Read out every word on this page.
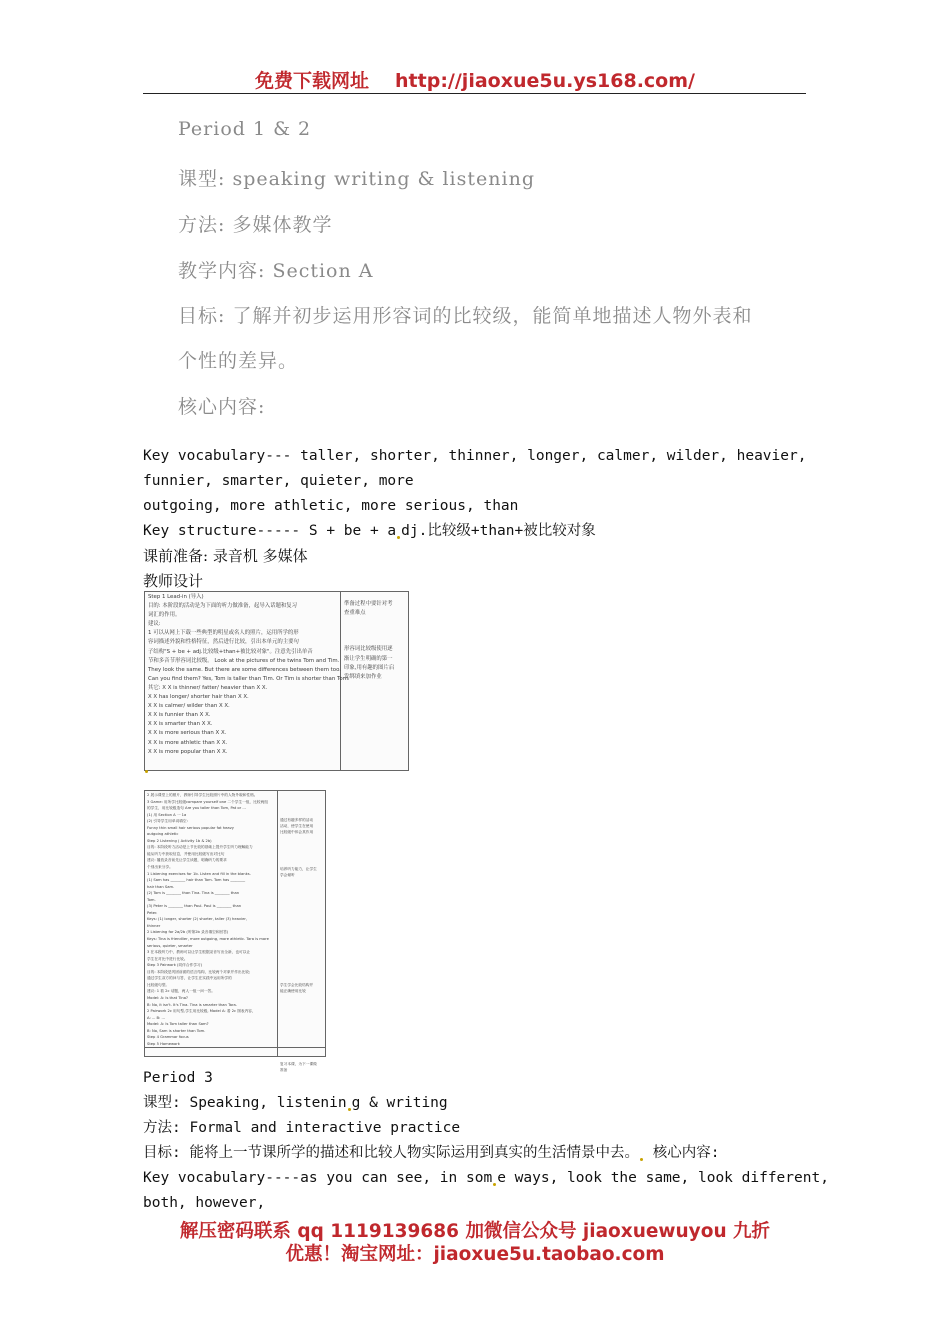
免费下载网址 http://jiaoxue5u.ys168.com/
Period 1 & 2
课型: speaking writing & listening
方法: 多媒体教学
教学内容: Section A
目标: 了解并初步运用形容词的比较级，能简单地描述人物外表和
个性的差异。
核心内容:
Key vocabulary--- taller, shorter, thinner, longer, calmer, wilder, heavier,
funnier, smarter, quieter, more
outgoing, more athletic, more serious, than
Key structure----- S + be + a dj.比较级+than+被比较对象
课前准备: 录音机 多媒体
教师设计
Step 1 Lead-in (导入)
目的: 本阶段的活动是为下面的听力做准备，起导入话题和复习
词汇的作用。
建议:
1 可以从网上下载一些典型的明星或名人的照片，运用所学的形
容词描述外貌和性格特征，然后进行比较，引出本单元的主要句
子结构"S + be + adj.比较级+than+被比较对象"。注意先引出单音
节和多音节形容词比较级。 Look at the pictures of the twins Tom and Tim.
They look the same. But there are some differences between them too.
Can you find them? Yes, Tom is taller than Tim. Or Tim is shorter than Tom.
其它: X X is thinner/ fatter/ heavier than X X.
X X has longer/ shorter hair than X X.
X X is calmer/ wilder than X X.
X X is funnier than X X.
X X is smarter than X X.
X X is more serious than X X.
X X is more athletic than X X.
X X is more popular than X X.
準备过程中要针对考
查重难点

形容词比较级使用逐
渐让学生明确的第一
印象,用有趣的图片启
发绑填来加作业
2 展示课堂上的照片，教师引导学生比较照片中的人物外貌和性格。
3 Game: 用所学比较级compare yourself one 二个学生一组，比较两组
的学生，用比较级造句 Are you taller than Tom, Pat or ...
(1) 用 Section A 一 1a
(2) 引导学生用单词填空:
Funny thin small hair serious popular fat heavy
outgoing athletic
Step 2 Listening ( Activity 1b & 2b)
目的: 本阶段听力活动是上节比较的基础上提升学生听力理解能力
能从听力中获取信息，并使用比较级写出对比句
建议: 播放录音前先让学生读题，明确听力的要求
个别出来分享。
1 Listening exercises for 1b. Listen and fill in the blanks.
(1) Sam has ________ hair than Tom. Tom has ________
hair than Sam.
(2) Tom is ________ than Tina. Tina is ________ than
Tom.
(3) Peter is ________ than Paul. Paul is ________ than
Peter.
Keys: (1) longer, shorter (2) shorter, taller (3) heavier,
thinner
2 Listening for 2a/2b (听第2b 录音填空和回答)
Keys: Tina is friendlier, more outgoing, more athletic. Tara is more
serious, quieter, smarter
3 在本段听力中，教师可以让学生根据录音写出全新，也可以让
学生在对比中进行比较。
Step 3 Pairwork (同伴合作学习)
目的: 本阶段是巩固前面的语言结构，比较两个对象并作出比较;
通过学生双方的问与答，让学生在实践中运用所学的
比较级句型。
建议: 1 看 2c 话题，两人一组一问一答。
Model: A: Is that Tina?
B: No, it isn't. It's Tina. Tina is smarter than Tara.
2 Pairwork 2c 用句型,学生用比较级, Model A: 看 2c 图表内容，
A: ... B: ...
Model: A: Is Tom taller than Sam?
B: No, Sam is shorter than Tom.
Step 4 Grammar focus
Step 5 Homework
通过有趣多样的活动
活动，使学生在使用
比较级中体会其作用

培养听力能力，让学生
学会倾听

学生学会比较结构并
能正确使用比较

复习本课，为下一课做
准备
Period 3
课型: Speaking, listenin g & writing
方法: Formal and interactive practice
目标: 能将上一节课所学的描述和比较人物实际运用到真实的生活情景中去。 核心内容:
Key vocabulary----as you can see, in som e ways, look the same, look different,
both, however,
解压密码联系 qq 1119139686 加微信公众号 jiaoxuewuyou 九折
优惠！淘宝网址：jiaoxue5u.taobao.com
